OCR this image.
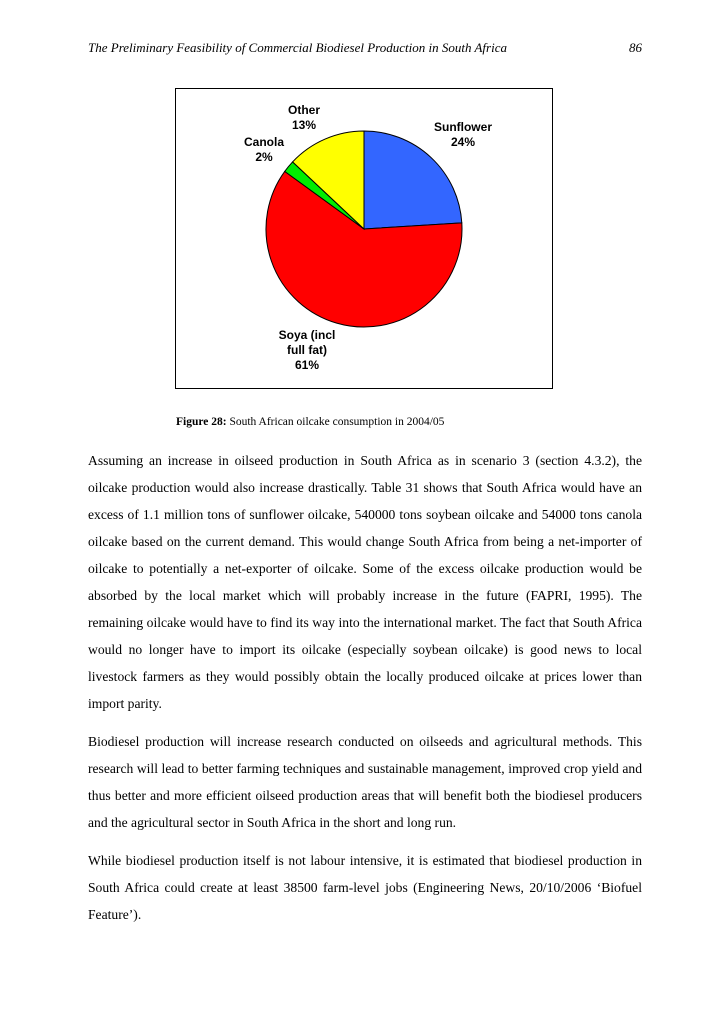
The Preliminary Feasibility of Commercial Biodiesel Production in South Africa	86
Sunflower 24%
Soya (incl full fat) 61%
Canola 2%
Other 13%
Figure 28: South African oilcake consumption in 2004/05

Assuming an increase in oilseed production in South Africa as in scenario 3 (section 4.3.2), the oilcake production would also increase drastically. Table 31 shows that South Africa would have an excess of 1.1 million tons of sunflower oilcake, 540000 tons soybean oilcake and 54000 tons canola oilcake based on the current demand. This would change South Africa from being a net-importer of oilcake to potentially a net-exporter of oilcake. Some of the excess oilcake production would be absorbed by the local market which will probably increase in the future (FAPRI, 1995). The remaining oilcake would have to find its way into the international market. The fact that South Africa would no longer have to import its oilcake (especially soybean oilcake) is good news to local livestock farmers as they would possibly obtain the locally produced oilcake at prices lower than import parity.

Biodiesel production will increase research conducted on oilseeds and agricultural methods. This research will lead to better farming techniques and sustainable management, improved crop yield and thus better and more efficient oilseed production areas that will benefit both the biodiesel producers and the agricultural sector in South Africa in the short and long run.

While biodiesel production itself is not labour intensive, it is estimated that biodiesel production in South Africa could create at least 38500 farm-level jobs (Engineering News, 20/10/2006 ‘Biofuel Feature’).
